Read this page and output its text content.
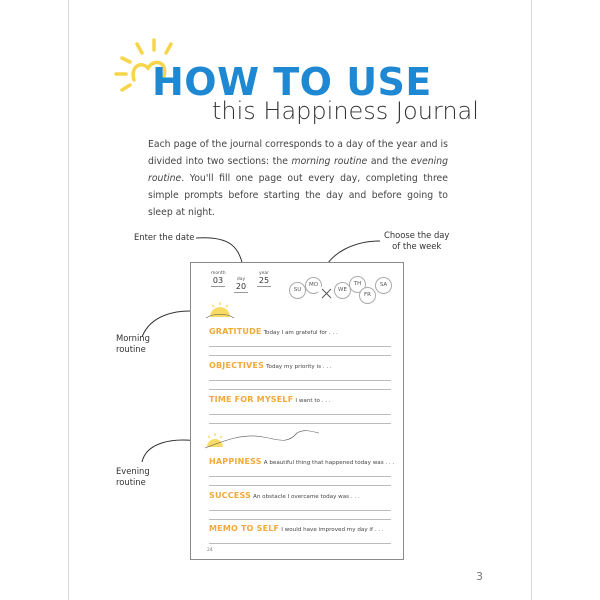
HOW TO USE
this Happiness Journal
Each page of the journal corresponds to a day of the year and is divided into two sections: the morning routine and the evening routine. You'll fill one page out every day, completing three simple prompts before starting the day and before going to sleep at night.
Enter the date	Choose the day
of the week
Morning
routine
Evening
routine
month
03	day
20
year
25
SU
MO
WE
TH
FR
SA
GRATITUDE Today I am grateful for . . .
OBJECTIVES Today my priority is . . .
TIME FOR MYSELF I want to . . .
HAPPINESS A beautiful thing that happened today was . . .
SUCCESS An obstacle I overcame today was . . .
MEMO TO SELF I would have improved my day if . . .
24
3
